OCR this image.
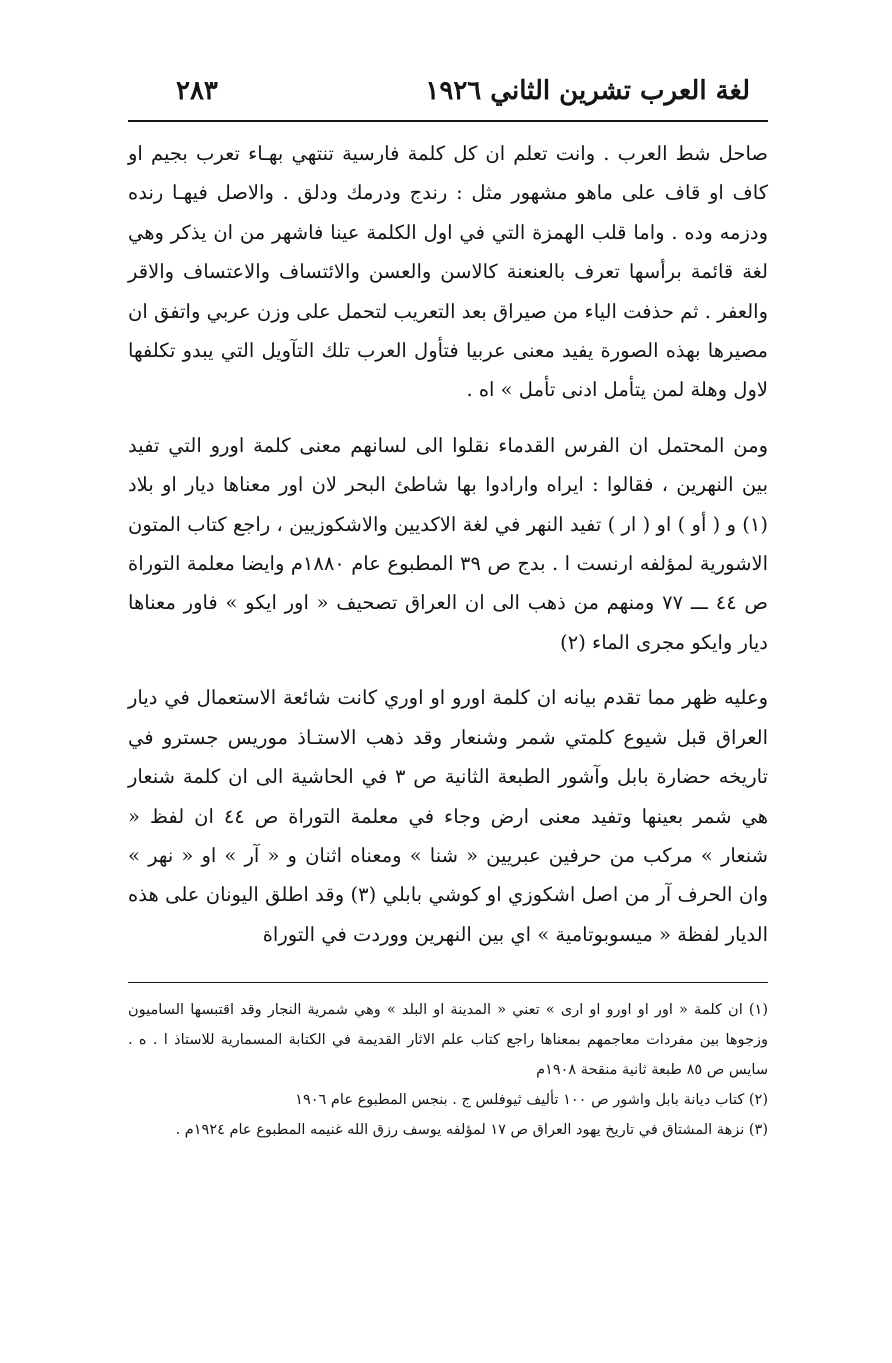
لغة العرب تشرين الثاني ١٩٢٦
٢٨٣

صاحل شط العرب . وانت تعلم ان كل كلمة فارسية تنتهي بهـاء تعرب بجيم او كاف او قاف على ماهو مشهور مثل : رندج ودرمك ودلق . والاصل فيهـا رنده ودزمه وده . واما قلب الهمزة التي في اول الكلمة عينا فاشهر من ان يذكر وهي لغة قائمة برأسها تعرف بالعنعنة كالاسن والعسن والائتساف والاعتساف والاقر والعفر . ثم حذفت الياء من صيراق بعد التعريب لتحمل على وزن عربي واتفق ان مصيرها بهذه الصورة يفيد معنى عربيا فتأول العرب تلك التآويل التي يبدو تكلفها لاول وهلة لمن يتأمل ادنى تأمل » اه .

ومن المحتمل ان الفرس القدماء نقلوا الى لسانهم معنى كلمة اورو التي تفيد بين النهرين ، فقالوا : ايراه وارادوا بها شاطئ البحر لان اور معناها ديار او بلاد (١) و ( أو ) او ( ار ) تفيد النهر في لغة الاكديين والاشكوزيين ، راجع كتاب المتون الاشورية لمؤلفه ارنست ا . بدج ص ٣٩ المطبوع عام ١٨٨٠م وايضا معلمة التوراة ص ٤٤ ـــ ٧٧ ومنهم من ذهب الى ان العراق تصحيف « اور ايكو » فاور معناها ديار وايكو مجرى الماء (٢)

وعليه ظهر مما تقدم بيانه ان كلمة اورو او اوري كانت شائعة الاستعمال في ديار العراق قبل شيوع كلمتي شمر وشنعار وقد ذهب الاستـاذ موريس جسترو في تاريخه حضارة بابل وآشور الطبعة الثانية ص ٣ في الحاشية الى ان كلمة شنعار هي شمر بعينها وتفيد معنى ارض وجاء في معلمة التوراة ص ٤٤ ان لفظ « شنعار » مركب من حرفين عبريين « شنا » ومعناه اثنان و « آر » او « نهر » وان الحرف آر من اصل اشكوزي او كوشي بابلي (٣) وقد اطلق اليونان على هذه الديار لفظة « ميسوبوتامية » اي بين النهرين ووردت في التوراة

(١) ان كلمة « اور او اورو او ارى » تعني « المدينة او البلد » وهي شمرية النجار وقد اقتبسها الساميون وزجوها بين مفردات معاجمهم بمعناها راجع كتاب علم الاثار القديمة في الكتابة المسمارية للاستاذ ا . ه . سايس ص ٨٥ طبعة ثانية منقحة ١٩٠٨م

(٢) كتاب ديانة بابل واشور ص ١٠٠ تأليف ثيوفلس ج . بنجس المطبوع عام ١٩٠٦

(٣) نزهة المشتاق في تاريخ يهود العراق ص ١٧ لمؤلفه يوسف رزق الله غنيمه المطبوع عام ١٩٢٤م .
